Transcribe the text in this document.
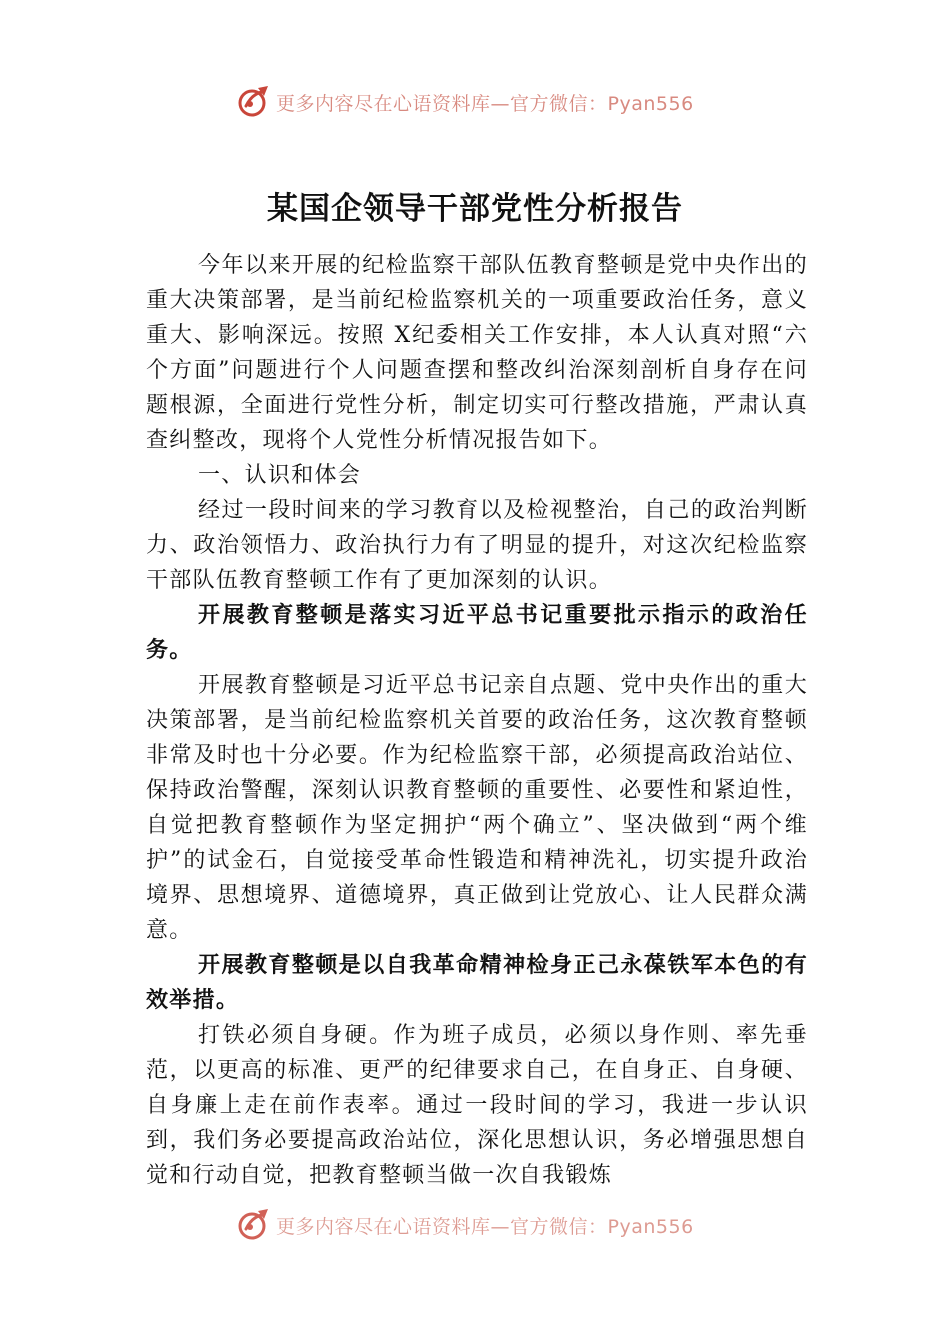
更多内容尽在心语资料库—官方微信：Pyan556
某国企领导干部党性分析报告

今年以来开展的纪检监察干部队伍教育整顿是党中央作出的重大决策部署，是当前纪检监察机关的一项重要政治任务，意义重大、影响深远。按照 X纪委相关工作安排，本人认真对照“六个方面”问题进行个人问题查摆和整改纠治深刻剖析自身存在问题根源，全面进行党性分析，制定切实可行整改措施，严肃认真查纠整改，现将个人党性分析情况报告如下。

一、认识和体会

经过一段时间来的学习教育以及检视整治，自己的政治判断力、政治领悟力、政治执行力有了明显的提升，对这次纪检监察干部队伍教育整顿工作有了更加深刻的认识。

开展教育整顿是落实习近平总书记重要批示指示的政治任务。

开展教育整顿是习近平总书记亲自点题、党中央作出的重大决策部署，是当前纪检监察机关首要的政治任务，这次教育整顿非常及时也十分必要。作为纪检监察干部，必须提高政治站位、保持政治警醒，深刻认识教育整顿的重要性、必要性和紧迫性，自觉把教育整顿作为坚定拥护“两个确立”、坚决做到“两个维护”的试金石，自觉接受革命性锻造和精神洗礼，切实提升政治境界、思想境界、道德境界，真正做到让党放心、让人民群众满意。

开展教育整顿是以自我革命精神检身正己永葆铁军本色的有效举措。

打铁必须自身硬。作为班子成员，必须以身作则、率先垂范，以更高的标准、更严的纪律要求自己，在自身正、自身硬、自身廉上走在前作表率。通过一段时间的学习，我进一步认识到，我们务必要提高政治站位，深化思想认识，务必增强思想自觉和行动自觉，把教育整顿当做一次自我锻炼

更多内容尽在心语资料库—官方微信：Pyan556
